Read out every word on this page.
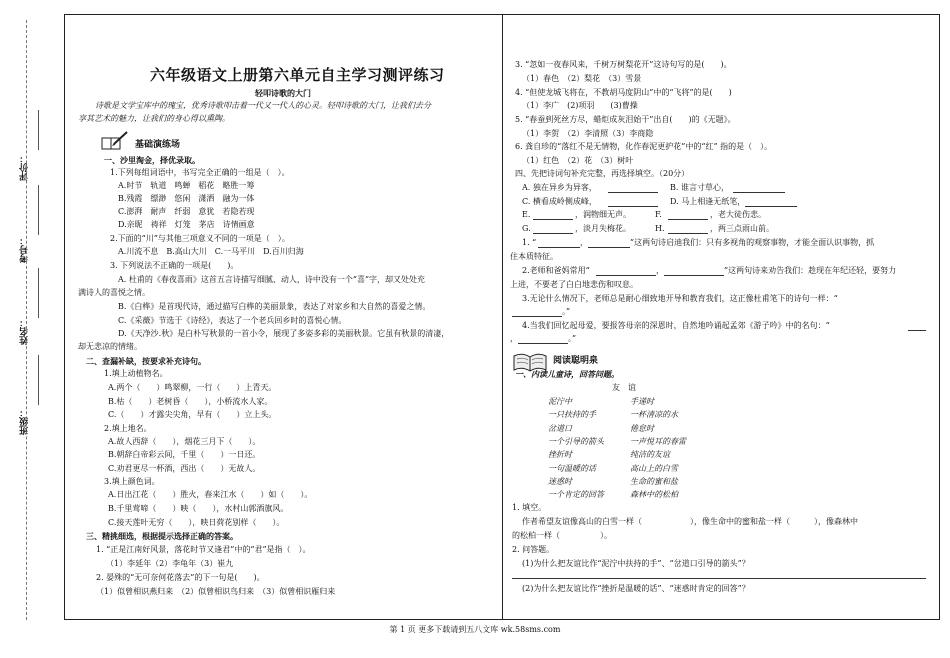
班级：
姓名：
考号：
评价：
六年级语文上册第六单元自主学习测评练习
轻叩诗歌的大门
诗歌是文学宝库中的瑰宝，优秀诗歌叩击着一代又一代人的心灵。轻叩诗歌的大门，让我们去分
享其艺术的魅力，让我们的身心得以熏陶。
基础演练场
一、沙里淘金，择优录取。
1.下列每组词语中，书写完全正确的一组是（　）。
A.时节　轨道　鸣蝉　稻花　略胜一筹
B.残霞　缥渺　悠闲　潇洒　融为一体
C.澎湃　耐声　纤弱　意犹　若隐若现
D.亲昵　祷祥　灯笼　茅店　诗情画意
2.下面的“川”与其他三项意义不同的一项是（　）。
A.川流不息　B.高山大川　C.一马平川　D.百川归海
3. 下列说法不正确的一项是(　　)。
A. 杜甫的《春夜喜雨》这首五言诗描写细腻、动人，诗中没有一个“喜”字，却又处处充
满诗人的喜悦之情。
B.《白桦》是首现代诗，通过描写白桦的美丽景象，表达了对家乡和大自然的喜爱之情。
C.《采薇》节选于《诗经》，表达了一个老兵回乡时的喜悦心情。
D.《天净沙.秋》是白朴写秋景的一首小令，展现了多姿多彩的美丽秋景。它虽有秋景的清凄，
却无悲凉的情绪。
二、查漏补缺，按要求补充诗句。
1.填上动植物名。
A.两个（　　）鸣翠柳，一行（　　）上青天。
B.枯（　　）老树昏（　　），小桥流水人家。
C.（　　）才露尖尖角，早有（　　）立上头。
2.填上地名。
A.故人西辞（　　），烟花三月下（　　）。
B.朝辞白帝彩云间，千里（　　）一日还。
C.劝君更尽一杯酒，西出（　　）无故人。
3.填上颜色词。
A.日出江花（　　）胜火，春来江水（　　）如（　　）。
B.千里莺啼（　　）映（　　），水村山郭酒旗风。
C.接天莲叶无穷（　　），映日荷花别样（　　）。
三、精挑细选，根据提示选择正确的答案。
1. “正是江南好风景，落花时节又逢君”中的“君”是指（　）。
（1）李延年（2）李龟年（3）崔九
2. 晏殊的“无可奈何花落去”的下一句是(　　)。
（1）似曾相识燕归来　（2）似曾相识鸟归来　（3）似曾相识雁归来
3. “忽如一夜春风来，千树万树梨花开”这诗句写的是(　　)。
（1）春色　（2）梨花　（3）雪景
4. “但使龙城飞将在，不教胡马度阴山”中的“飞将”的是(　　)
（1）李广　(2)项羽　　(3)曹操
5. “春蚕到死丝方尽，蜡炬成灰泪始干”出自(　　)的《无题》。
（1）李贺　（2）李清照（3）李商隐
6. 龚自珍的“落红不是无情物，化作春泥更护花”中的“红” 指的是（　）。
（1）红色　（2）花　（3）树叶
四、先把诗词句补充完整，再选择填空。（20分）
A. 独在异乡为异客，	B. 谁言寸草心，
C. 横看成岭侧成峰，	D. 马上相逢无纸笔，
E.	，润物细无声。	F.	，老大徒伤悲。
G.	，淡月失梅花。	H.	，两三点雨山前。
1. “	，	”这两句诗启迪我们：只有多视角的观察事物，才能全面认识事物，抓
住本质特征。
2.老师和爸妈常用“	，	”这两句诗来劝告我们：趁现在年纪还轻，要努力
上进，不要老了白白地悲伤和叹息。
3.无论什么情况下，老师总是耐心细致地开导和教育我们，这正像杜甫笔下的诗句一样：“
。”
4.当我们回忆起母爱，要报答母亲的深恩时，自然地吟诵起孟郊《游子吟》中的名句：“
，	。”
阅读聪明泉
一、内读儿童诗，回答问题。
友　谊
泥泞中	手递时
一只扶持的手	一杯清凉的水
岔道口	倦怠时
一个引导的箭头	一声悦耳的春雷
挫折时	纯洁的友谊
一句温暖的话	高山上的白雪
迷惑时	生命的蜜和盐
一个肯定的回答	森林中的松柏
1. 填空。
作者希望友谊像高山的白雪一样（　　　　　　），像生命中的蜜和盐一样（　　　），像森林中
的松柏一样（　　　　　）。
2. 问答题。
(1)为什么把友谊比作“泥泞中扶持的手”、“岔道口引导的箭头”？
(2)为什么把友谊比作“挫折是温暖的话”、“迷惑时肯定的回答”？
第 1 页 更多下载请到五八文库 wk.58sms.com
